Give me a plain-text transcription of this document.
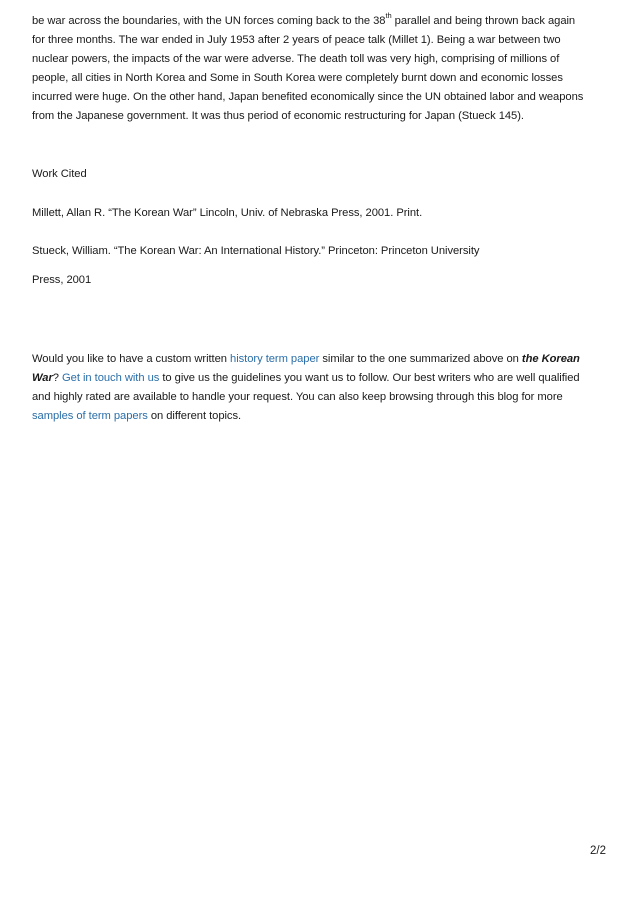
be war across the boundaries, with the UN forces coming back to the 38th parallel and being thrown back again
for three months. The war ended in July 1953 after 2 years of peace talk (Millet 1). Being a war between two
nuclear powers, the impacts of the war were adverse. The death toll was very high, comprising of millions of
people, all cities in North Korea and Some in South Korea were completely burnt down and economic losses
incurred were huge. On the other hand, Japan benefited economically since the UN obtained labor and weapons
from the Japanese government. It was thus period of economic restructuring for Japan (Stueck 145).
Work Cited
Millett, Allan R. “The Korean War” Lincoln, Univ. of Nebraska Press, 2001. Print.
Stueck, William. “The Korean War: An International History.” Princeton: Princeton University
Press, 2001
Would you like to have a custom written history term paper similar to the one summarized above on the Korean
War? Get in touch with us to give us the guidelines you want us to follow. Our best writers who are well qualified
and highly rated are available to handle your request. You can also keep browsing through this blog for more
samples of term papers on different topics.
2/2
